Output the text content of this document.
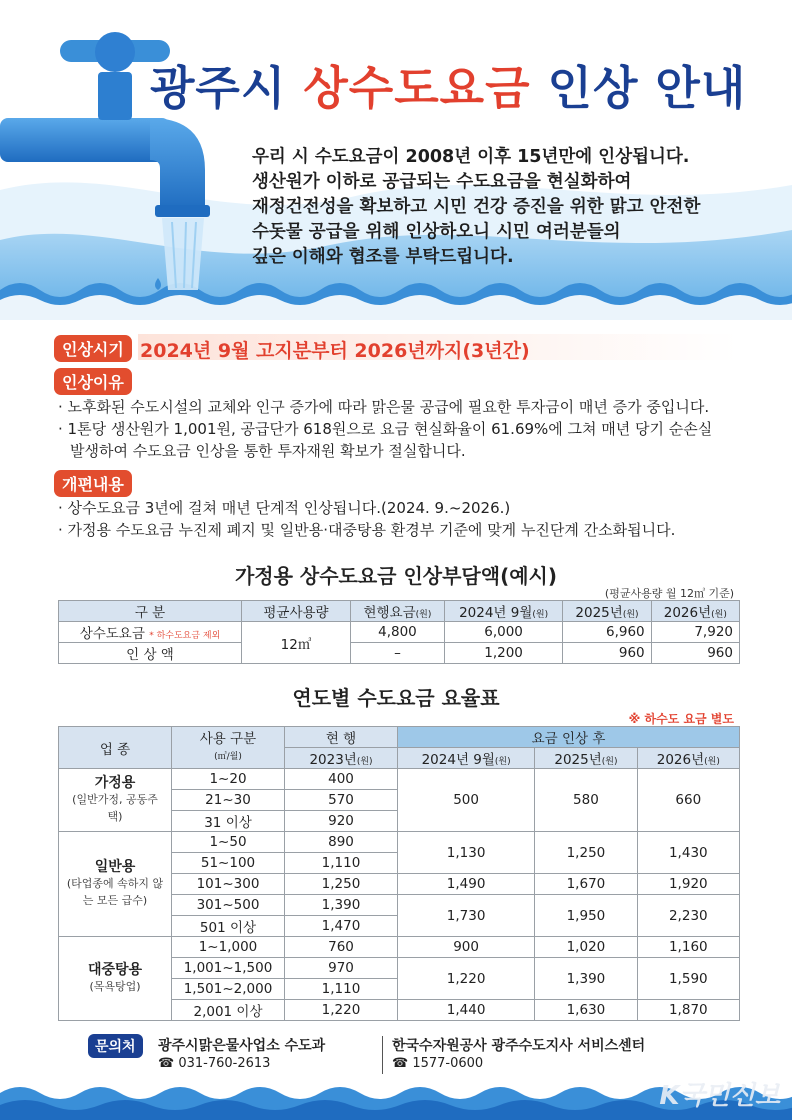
광주시 상수도요금 인상 안내
우리 시 수도요금이 2008년 이후 15년만에 인상됩니다.
생산원가 이하로 공급되는 수도요금을 현실화하여
재정건전성을 확보하고 시민 건강 증진을 위한 맑고 안전한
수돗물 공급을 위해 인상하오니 시민 여러분들의
깊은 이해와 협조를 부탁드립니다.
인상시기 2024년 9월 고지분부터 2026년까지(3년간)
인상이유
· 노후화된 수도시설의 교체와 인구 증가에 따라 맑은물 공급에 필요한 투자금이 매년 증가 중입니다.
· 1톤당 생산원가 1,001원, 공급단가 618원으로 요금 현실화율이 61.69%에 그쳐 매년 당기 순손실
발생하여 수도요금 인상을 통한 투자재원 확보가 절실합니다.
개편내용
· 상수도요금 3년에 걸쳐 매년 단계적 인상됩니다.(2024. 9.~2026.)
· 가정용 수도요금 누진제 폐지 및 일반용·대중탕용 환경부 기준에 맞게 누진단계 간소화됩니다.
가정용 상수도요금 인상부담액(예시)
(평균사용량 월 12㎥ 기준)
구 분	평균사용량	현행요금(원)	2024년 9월(원)	2025년(원)	2026년(원)
상수도요금 * 하수도요금 제외	12㎥	4,800	6,000	6,960	7,920
인 상 액		–	1,200	960	960
연도별 수도요금 요율표
※ 하수도 요금 별도
업 종	사용 구분
(㎥/월)	현 행	요금 인상 후		
		2023년(원)	2024년 9월(원)	2025년(원)	2026년(원)
가정용
(일반가정, 공동주택)	1~20	400	500	580	660
	21~30	570			
	31 이상	920			
일반용
(타업종에 속하지 않는 모든 급수)	1~50	890	1,130	1,250	1,430
	51~100	1,110			
	101~300	1,250	1,490	1,670	1,920
	301~500	1,390	1,730	1,950	2,230
	501 이상	1,470			
대중탕용
(목욕탕업)	1~1,000	760	900	1,020	1,160
	1,001~1,500	970	1,220	1,390	1,590
	1,501~2,000	1,110			
	2,001 이상	1,220	1,440	1,630	1,870
문의처	광주시맑은물사업소 수도과
☎ 031-760-2613
한국수자원공사 광주수도지사 서비스센터
☎ 1577-0600
K국민신보
